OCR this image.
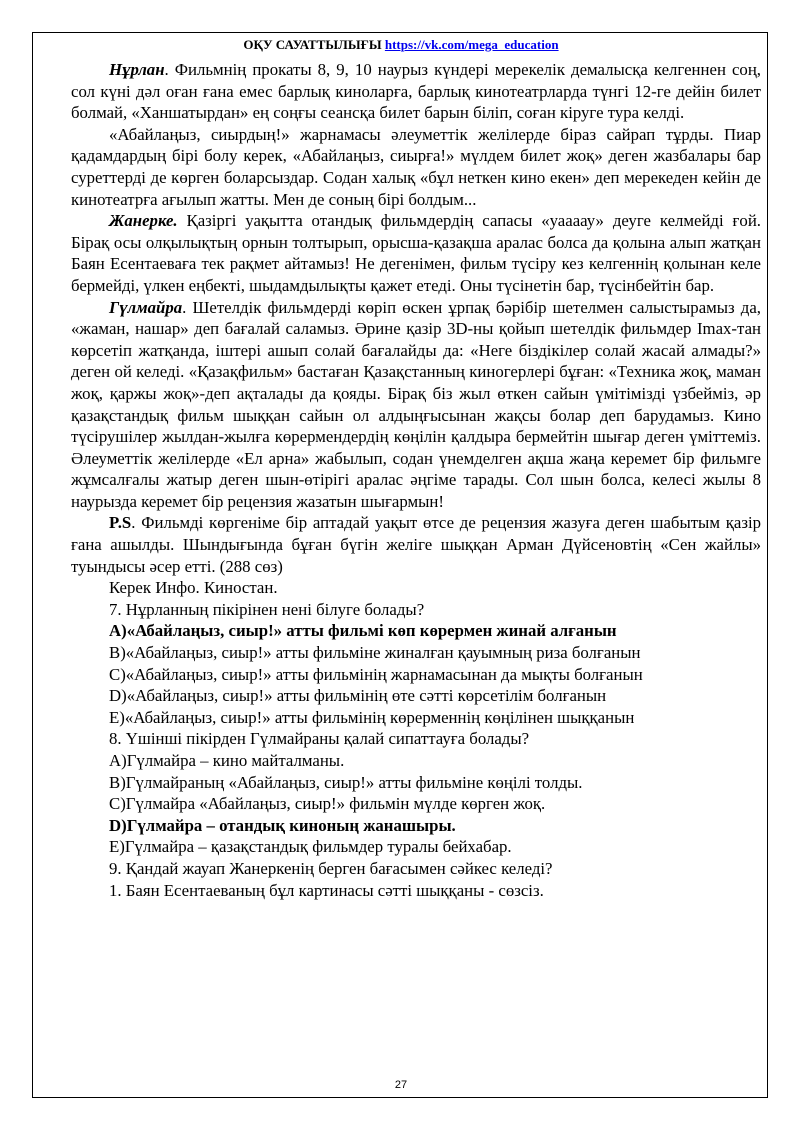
ОҚУ САУАТТЫЛЫҒЫ https://vk.com/mega_education

Нұрлан. Фильмнің прокаты 8, 9, 10 наурыз күндері мерекелік демалысқа келгеннен соң, сол күні дәл оған ғана емес барлық киноларға, барлық кинотеатрларда түнгі 12-ге дейін билет болмай, «Ханшатырдан» ең соңғы сеансқа билет барын біліп, соған кіруге тура келді.

«Абайлаңыз, сиырдың!» жарнамасы әлеуметтік желілерде біраз сайрап тұрды. Пиар қадамдардың бірі болу керек, «Абайлаңыз, сиырға!» мүлдем билет жоқ» деген жазбалары бар суреттерді де көрген боларсыздар. Содан халық «бұл неткен кино екен» деп мерекеден кейін де кинотеатрға ағылып жатты. Мен де соның бірі болдым...

Жанерке. Қазіргі уақытта отандық фильмдердің сапасы «уаааау» деуге келмейді ғой. Бірақ осы олқылықтың орнын толтырып, орысша-қазақша аралас болса да қолына алып жатқан Баян Есентаеваға тек рақмет айтамыз! Не дегенімен, фильм түсіру кез келгеннің қолынан келе бермейді, үлкен еңбекті, шыдамдылықты қажет етеді. Оны түсінетін бар, түсінбейтін бар.

Гүлмайра. Шетелдік фильмдерді көріп өскен ұрпақ бәрібір шетелмен салыстырамыз да, «жаман, нашар» деп бағалай саламыз. Әрине қазір 3D-ны қойып шетелдік фильмдер Imax-тан көрсетіп жатқанда, іштері ашып солай бағалайды да: «Неге біздікілер солай жасай алмады?» деген ой келеді. «Қазақфильм» бастаған Қазақстанның киногерлері бұған: «Техника жоқ, маман жоқ, қаржы жоқ»-деп ақталады да қояды. Бірақ біз жыл өткен сайын үмітімізді үзбейміз, әр қазақстандық фильм шыққан сайын ол алдыңғысынан жақсы болар деп барудамыз. Кино түсірушілер жылдан-жылға көрермендердің көңілін қалдыра бермейтін шығар деген үміттеміз. Әлеуметтік желілерде «Ел арна» жабылып, содан үнемделген ақша жаңа керемет бір фильмге жұмсалғалы жатыр деген шын-өтірігі аралас әңгіме тарады. Сол шын болса, келесі жылы 8 наурызда керемет бір рецензия жазатын шығармын!

P.S. Фильмді көргеніме бір аптадай уақыт өтсе де рецензия жазуға деген шабытым қазір ғана ашылды. Шындығында бұған бүгін желіге шыққан Арман Дүйсеновтің «Сен жайлы» туындысы әсер етті. (288 сөз)

Керек Инфо. Киностан.

7. Нұрланның пікірінен нені білуге болады?

А)«Абайлаңыз, сиыр!» атты фильмі көп көрермен жинай алғанын

В)«Абайлаңыз, сиыр!» атты фильміне жиналған қауымның риза болғанын

С)«Абайлаңыз, сиыр!» атты фильмінің жарнамасынан да мықты болғанын

D)«Абайлаңыз, сиыр!» атты фильмінің өте сәтті көрсетілім болғанын

Е)«Абайлаңыз, сиыр!» атты фильмінің көрерменнің көңілінен шыққанын

8. Үшінші пікірден Гүлмайраны қалай сипаттауға болады?

А)Гүлмайра – кино майталманы.

В)Гүлмайраның «Абайлаңыз, сиыр!» атты фильміне көңілі толды.

С)Гүлмайра «Абайлаңыз, сиыр!» фильмін мүлде көрген жоқ.

D)Гүлмайра – отандық киноның жанашыры.

Е)Гүлмайра – қазақстандық фильмдер туралы бейхабар.

9. Қандай жауап Жанеркенің берген бағасымен сәйкес келеді?

1. Баян Есентаеваның бұл картинасы сәтті шыққаны - сөзсіз.

27
